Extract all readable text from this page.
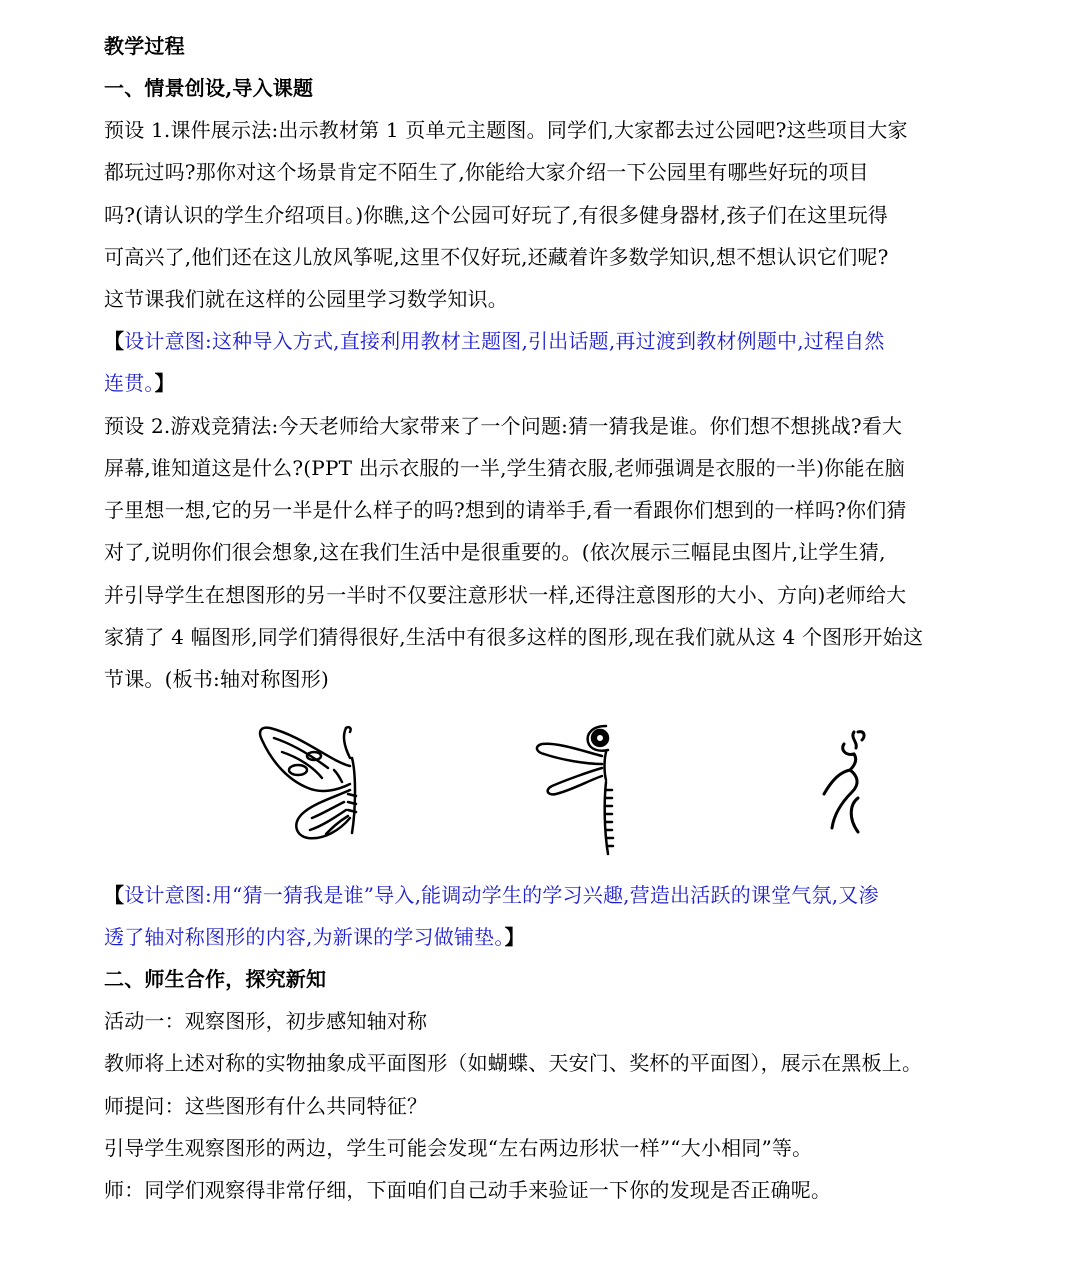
教学过程
一、情景创设,导入课题
预设 1.课件展示法:出示教材第 1 页单元主题图。同学们,大家都去过公园吧?这些项目大家
都玩过吗?那你对这个场景肯定不陌生了,你能给大家介绍一下公园里有哪些好玩的项目
吗?(请认识的学生介绍项目。)你瞧,这个公园可好玩了,有很多健身器材,孩子们在这里玩得
可高兴了,他们还在这儿放风筝呢,这里不仅好玩,还藏着许多数学知识,想不想认识它们呢?
这节课我们就在这样的公园里学习数学知识。
【设计意图:这种导入方式,直接利用教材主题图,引出话题,再过渡到教材例题中,过程自然
连贯。】
预设 2.游戏竞猜法:今天老师给大家带来了一个问题:猜一猜我是谁。你们想不想挑战?看大
屏幕,谁知道这是什么?(PPT 出示衣服的一半,学生猜衣服,老师强调是衣服的一半)你能在脑
子里想一想,它的另一半是什么样子的吗?想到的请举手,看一看跟你们想到的一样吗?你们猜
对了,说明你们很会想象,这在我们生活中是很重要的。(依次展示三幅昆虫图片,让学生猜,
并引导学生在想图形的另一半时不仅要注意形状一样,还得注意图形的大小、方向)老师给大
家猜了 4 幅图形,同学们猜得很好,生活中有很多这样的图形,现在我们就从这 4 个图形开始这
节课。(板书:轴对称图形)
【设计意图:用“猜一猜我是谁”导入,能调动学生的学习兴趣,营造出活跃的课堂气氛,又渗
透了轴对称图形的内容,为新课的学习做铺垫。】
二、师生合作，探究新知
活动一：观察图形，初步感知轴对称
教师将上述对称的实物抽象成平面图形（如蝴蝶、天安门、奖杯的平面图），展示在黑板上。
师提问：这些图形有什么共同特征？
引导学生观察图形的两边，学生可能会发现“左右两边形状一样”“大小相同”等。
师：同学们观察得非常仔细，下面咱们自己动手来验证一下你的发现是否正确呢。
